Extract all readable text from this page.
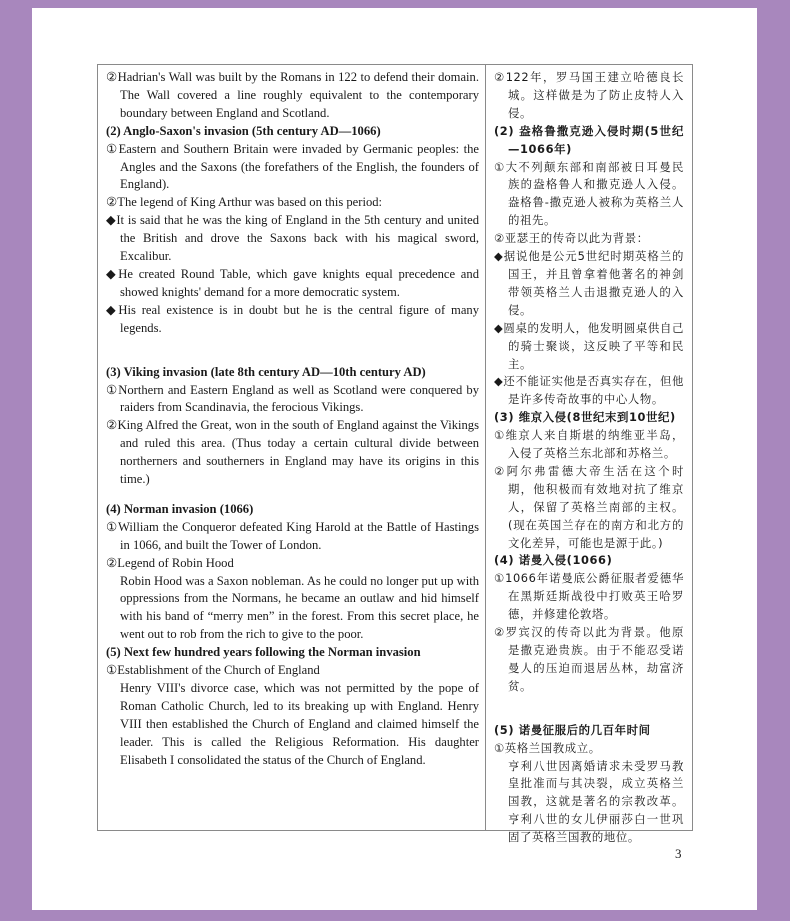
②Hadrian's Wall was built by the Romans in 122 to defend their domain. The Wall covered a line roughly equivalent to the contemporary boundary between England and Scotland.

(2) Anglo-Saxon's invasion (5th century AD—1066)

①Eastern and Southern Britain were invaded by Germanic peoples: the Angles and the Saxons (the forefathers of the English, the founders of England).

②The legend of King Arthur was based on this period:

◆It is said that he was the king of England in the 5th century and united the British and drove the Saxons back with his magical sword, Excalibur.

◆He created Round Table, which gave knights equal precedence and showed knights' demand for a more democratic system.

◆His real existence is in doubt but he is the central figure of many legends.

(3) Viking invasion (late 8th century AD—10th century AD)

①Northern and Eastern England as well as Scotland were conquered by raiders from Scandinavia, the ferocious Vikings.

②King Alfred the Great, won in the south of England against the Vikings and ruled this area. (Thus today a certain cultural divide between northerners and southerners in England may have its origins in this time.)

(4) Norman invasion (1066)

①William the Conqueror defeated King Harold at the Battle of Hastings in 1066, and built the Tower of London.

②Legend of Robin Hood

Robin Hood was a Saxon nobleman. As he could no longer put up with oppressions from the Normans, he became an outlaw and hid himself with his band of “merry men” in the forest. From this secret place, he went out to rob from the rich to give to the poor.

(5) Next few hundred years following the Norman invasion

①Establishment of the Church of England

Henry VIII's divorce case, which was not permitted by the pope of Roman Catholic Church, led to its breaking up with England. Henry VIII then established the Church of England and claimed himself the leader. This is called the Religious Reformation. His daughter Elisabeth I consolidated the status of the Church of England.

②122年，罗马国王建立哈德良长城。这样做是为了防止皮特人入侵。

(2) 盎格鲁撒克逊入侵时期(5世纪—1066年)

①大不列颠东部和南部被日耳曼民族的盎格鲁人和撒克逊人入侵。盎格鲁-撒克逊人被称为英格兰人的祖先。

②亚瑟王的传奇以此为背景：

◆据说他是公元5世纪时期英格兰的国王，并且曾拿着他著名的神剑带领英格兰人击退撒克逊人的入侵。

◆圆桌的发明人，他发明圆桌供自己的骑士聚谈，这反映了平等和民主。

◆还不能证实他是否真实存在，但他是许多传奇故事的中心人物。

(3) 维京入侵(8世纪末到10世纪)

①维京人来自斯堪的纳维亚半岛，入侵了英格兰东北部和苏格兰。

②阿尔弗雷德大帝生活在这个时期，他积极而有效地对抗了维京人，保留了英格兰南部的主权。(现在英国兰存在的南方和北方的文化差异，可能也是源于此。)

(4) 诺曼入侵(1066)

①1066年诺曼底公爵征服者爱德华在黑斯廷斯战役中打败英王哈罗德，并修建伦敦塔。

②罗宾汉的传奇以此为背景。他原是撒克逊贵族。由于不能忍受诺曼人的压迫而退居丛林，劫富济贫。

(5) 诺曼征服后的几百年时间

①英格兰国教成立。

亨利八世因离婚请求未受罗马教皇批准而与其决裂，成立英格兰国教，这就是著名的宗教改革。亨利八世的女儿伊丽莎白一世巩固了英格兰国教的地位。

3
